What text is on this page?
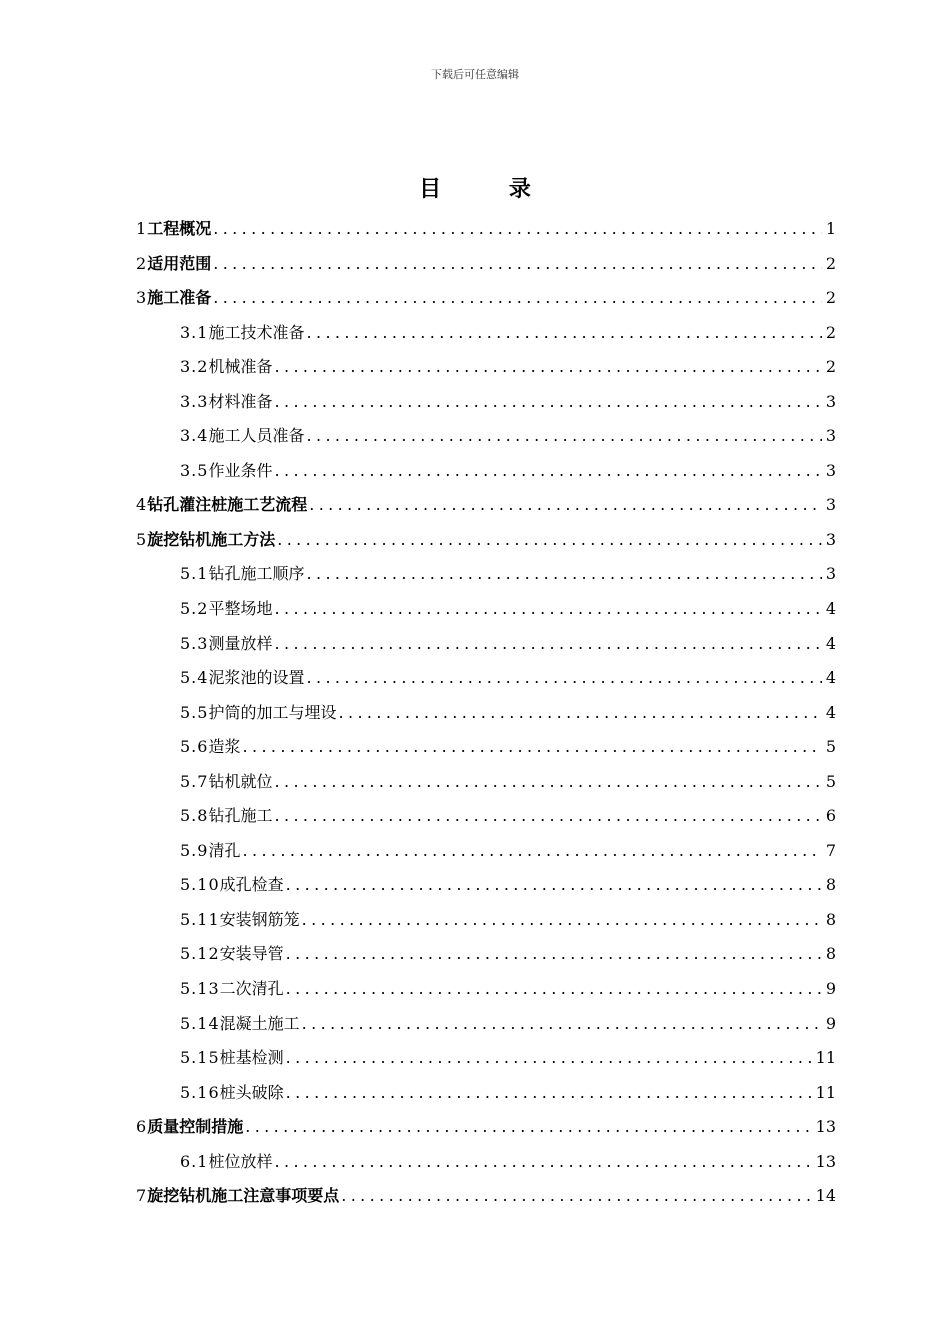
下载后可任意编辑
目 录
1 工程概况 .....	1
2 适用范围 .....	2
3 施工准备 .....	2
3.1 施工技术准备 .....	2
3.2 机械准备 .....	2
3.3 材料准备 .....	3
3.4 施工人员准备 .....	3
3.5 作业条件 .....	3
4 钻孔灌注桩施工艺流程 .....	3
5 旋挖钻机施工方法 .....	3
5.1 钻孔施工顺序 .....	3
5.2 平整场地 .....	4
5.3 测量放样 .....	4
5.4 泥浆池的设置 .....	4
5.5 护筒的加工与埋设 .....	4
5.6 造浆 .....	5
5.7 钻机就位 .....	5
5.8 钻孔施工 .....	6
5.9 清孔 .....	7
5.10 成孔检查 .....	8
5.11 安装钢筋笼 .....	8
5.12 安装导管 .....	8
5.13 二次清孔 .....	9
5.14 混凝土施工 .....	9
5.15 桩基检测 .....	11
5.16 桩头破除 .....	11
6 质量控制措施 .....	13
6.1 桩位放样 .....	13
7 旋挖钻机施工注意事项要点 .....	14
